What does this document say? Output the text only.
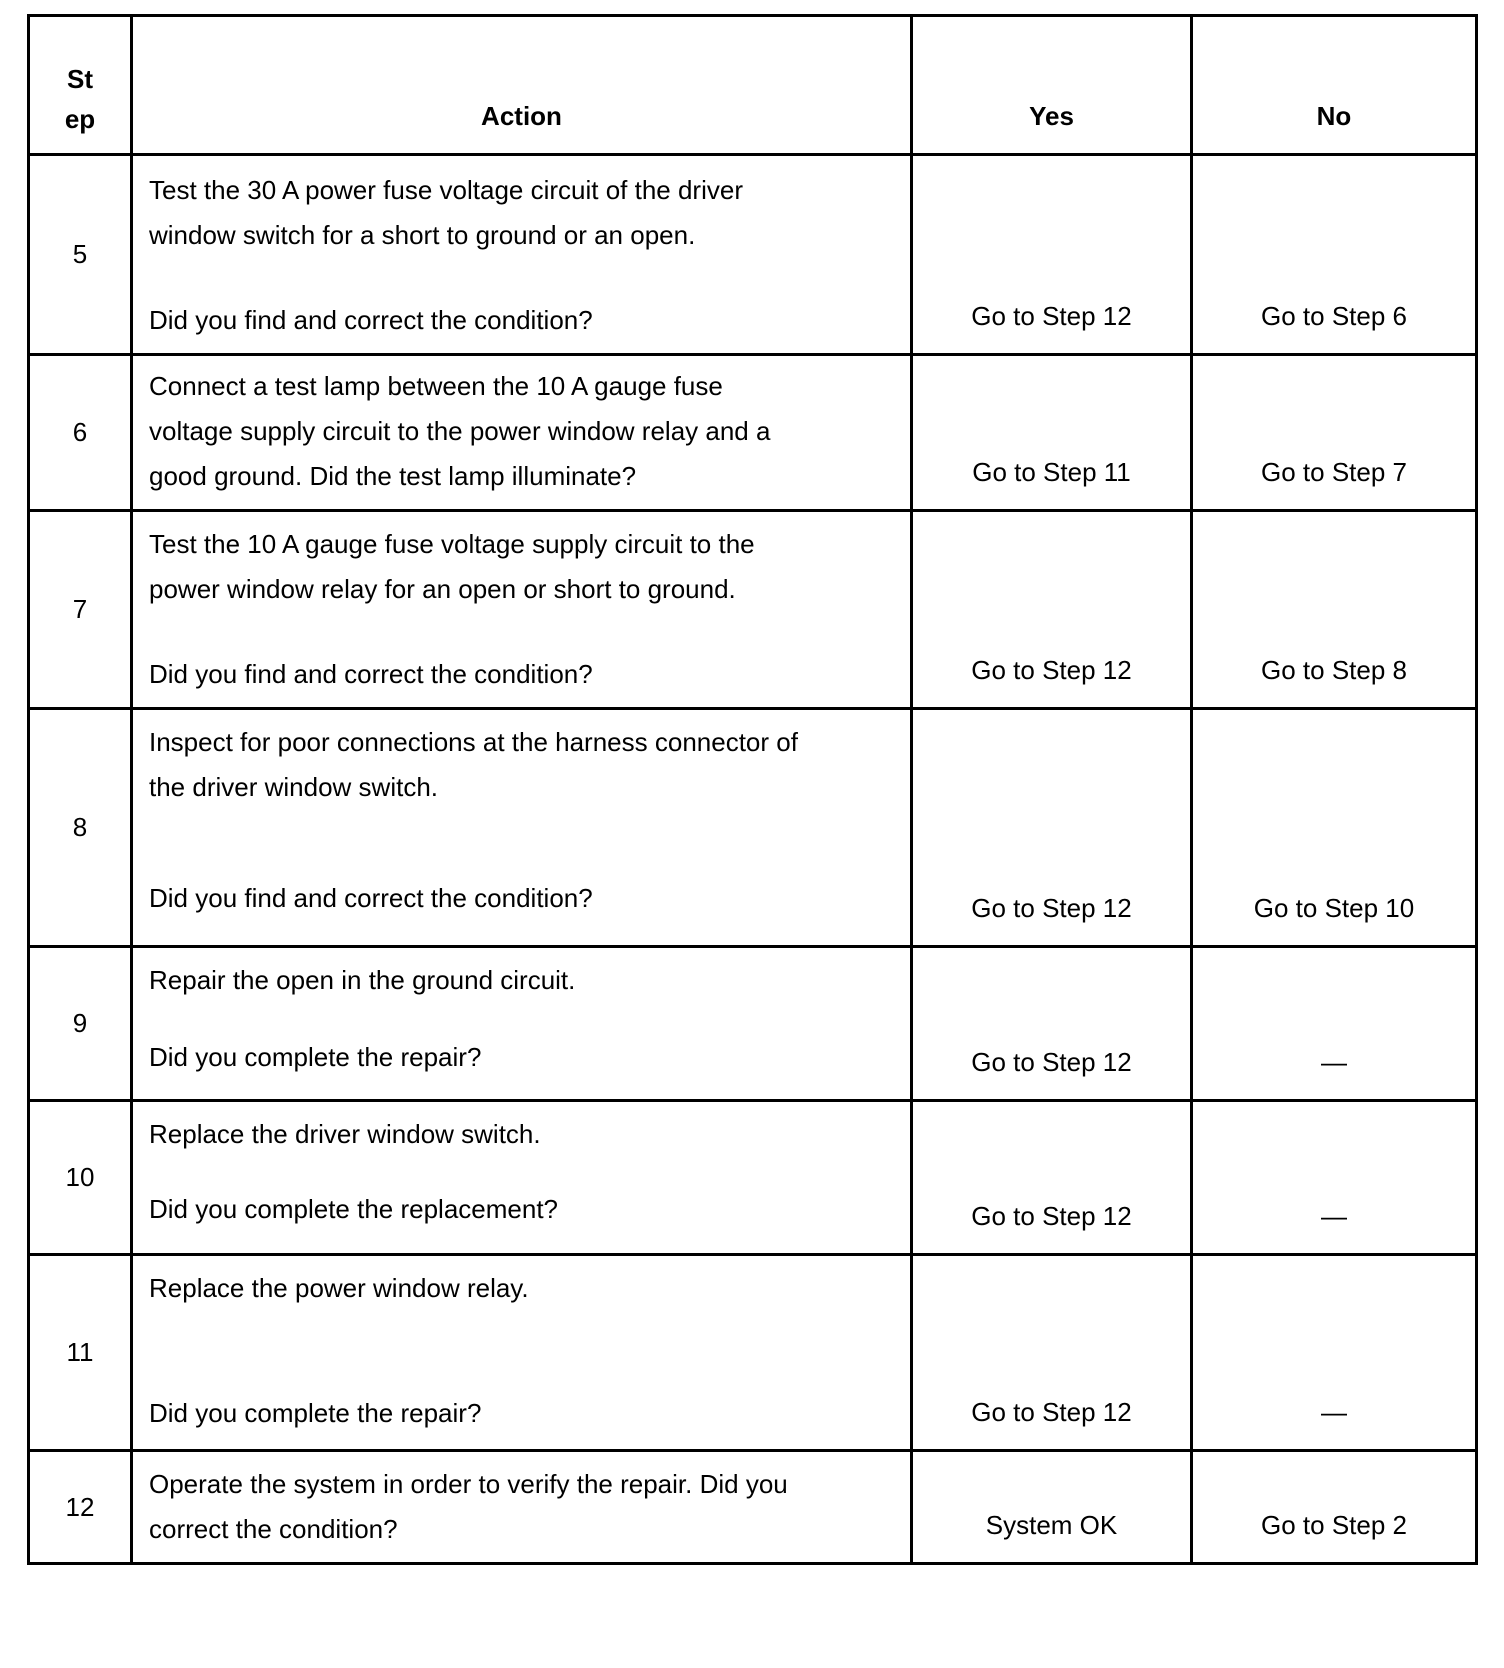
St
ep	Action	Yes	No
5	Test the 30 A power fuse voltage circuit of the driver
window switch for a short to ground or an open.
Did you find and correct the condition?	Go to Step 12	Go to Step 6
6	Connect a test lamp between the 10 A gauge fuse
voltage supply circuit to the power window relay and a
good ground. Did the test lamp illuminate?	Go to Step 11	Go to Step 7
7	Test the 10 A gauge fuse voltage supply circuit to the
power window relay for an open or short to ground.
Did you find and correct the condition?	Go to Step 12	Go to Step 8
8	Inspect for poor connections at the harness connector of
the driver window switch.
Did you find and correct the condition?	Go to Step 12	Go to Step 10
9	Repair the open in the ground circuit.
Did you complete the repair?	Go to Step 12	—
10	Replace the driver window switch.
Did you complete the replacement?	Go to Step 12	—
11	Replace the power window relay.
Did you complete the repair?	Go to Step 12	—
12	Operate the system in order to verify the repair. Did you
correct the condition?	System OK	Go to Step 2
